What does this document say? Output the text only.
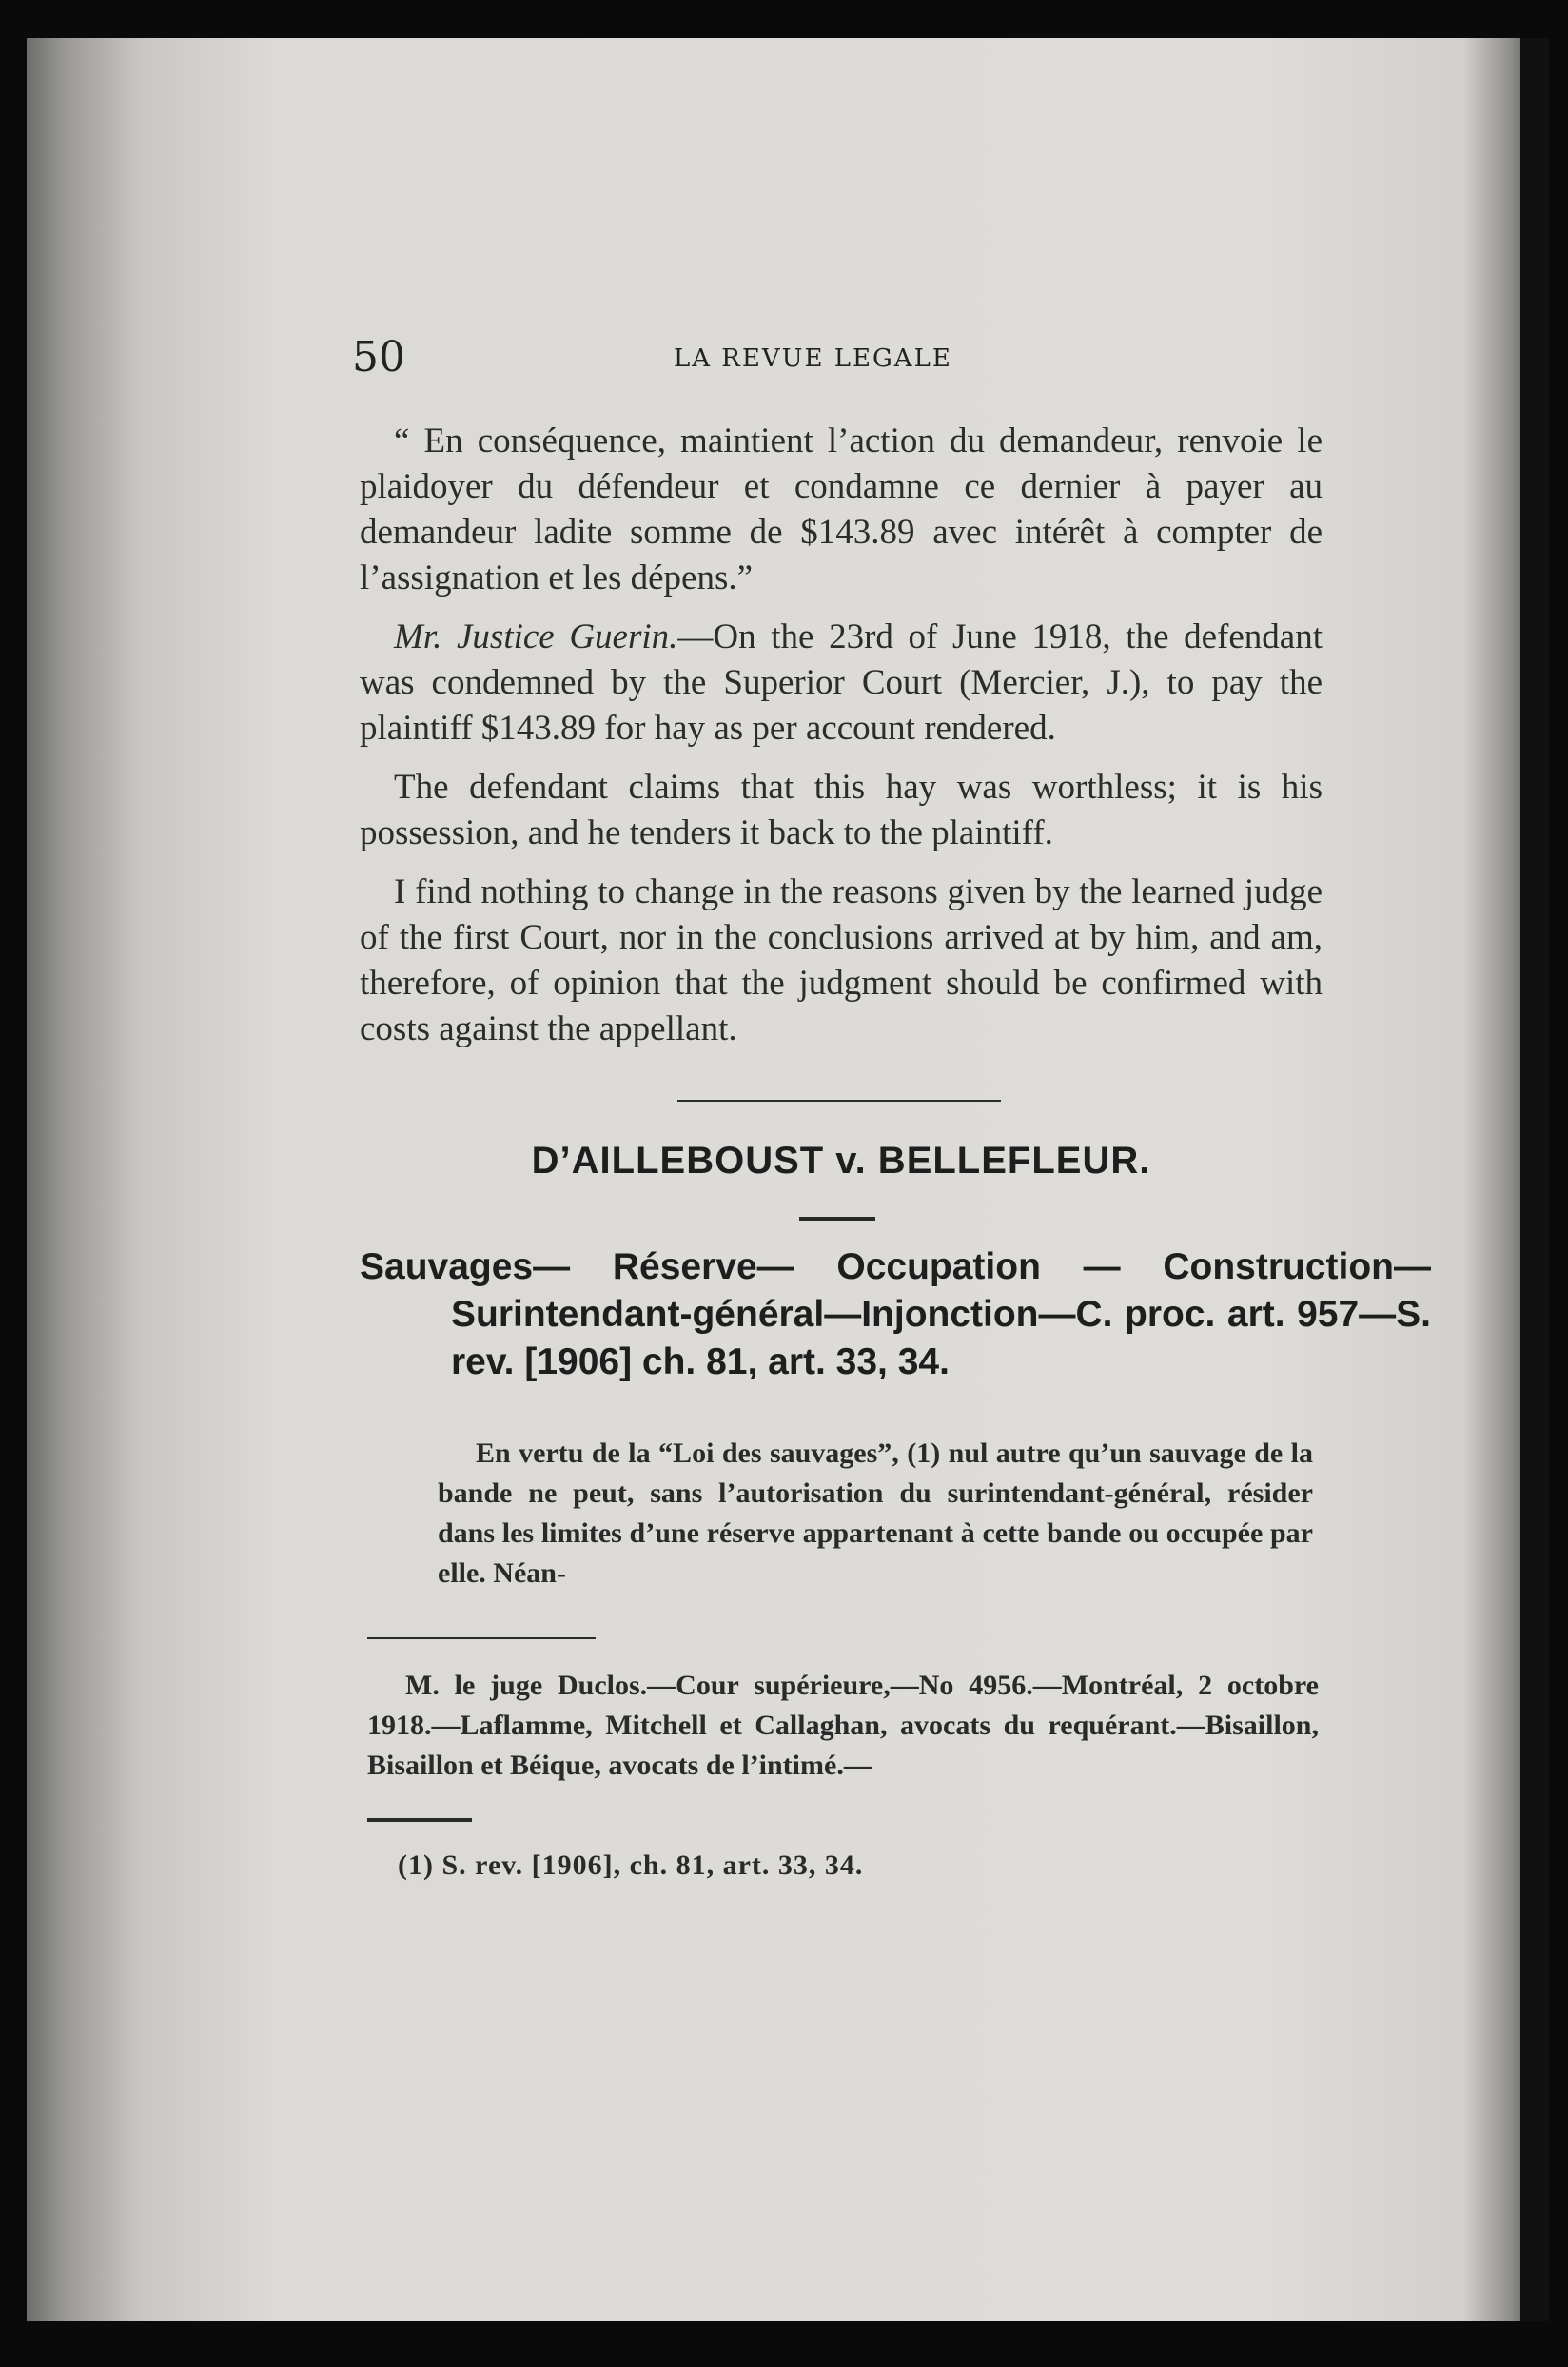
50	LA REVUE LEGALE

“ En conséquence, maintient l’action du demandeur, renvoie le plaidoyer du défendeur et condamne ce dernier à payer au demandeur ladite somme de $143.89 avec intérêt à compter de l’assignation et les dépens.”

Mr. Justice Guerin.—On the 23rd of June 1918, the defendant was condemned by the Superior Court (Mercier, J.), to pay the plaintiff $143.89 for hay as per account rendered.

The defendant claims that this hay was worthless; it is his possession, and he tenders it back to the plaintiff.

I find nothing to change in the reasons given by the learned judge of the first Court, nor in the conclusions arrived at by him, and am, therefore, of opinion that the judgment should be confirmed with costs against the appellant.

D’AILLEBOUST v. BELLEFLEUR.
Sauvages— Réserve— Occupation — Construction— Surintendant-général—Injonction—C. proc. art. 957—S. rev. [1906] ch. 81, art. 33, 34.
En vertu de la “Loi des sauvages”, (1) nul autre qu’un sauvage de la bande ne peut, sans l’autorisation du surintendant-général, résider dans les limites d’une réserve appartenant à cette bande ou occupée par elle. Néan-
M. le juge Duclos.—Cour supérieure,—No 4956.—Montréal, 2 octobre 1918.—Laflamme, Mitchell et Callaghan, avocats du requérant.—Bisaillon, Bisaillon et Béique, avocats de l’intimé.—
(1) S. rev. [1906], ch. 81, art. 33, 34.
